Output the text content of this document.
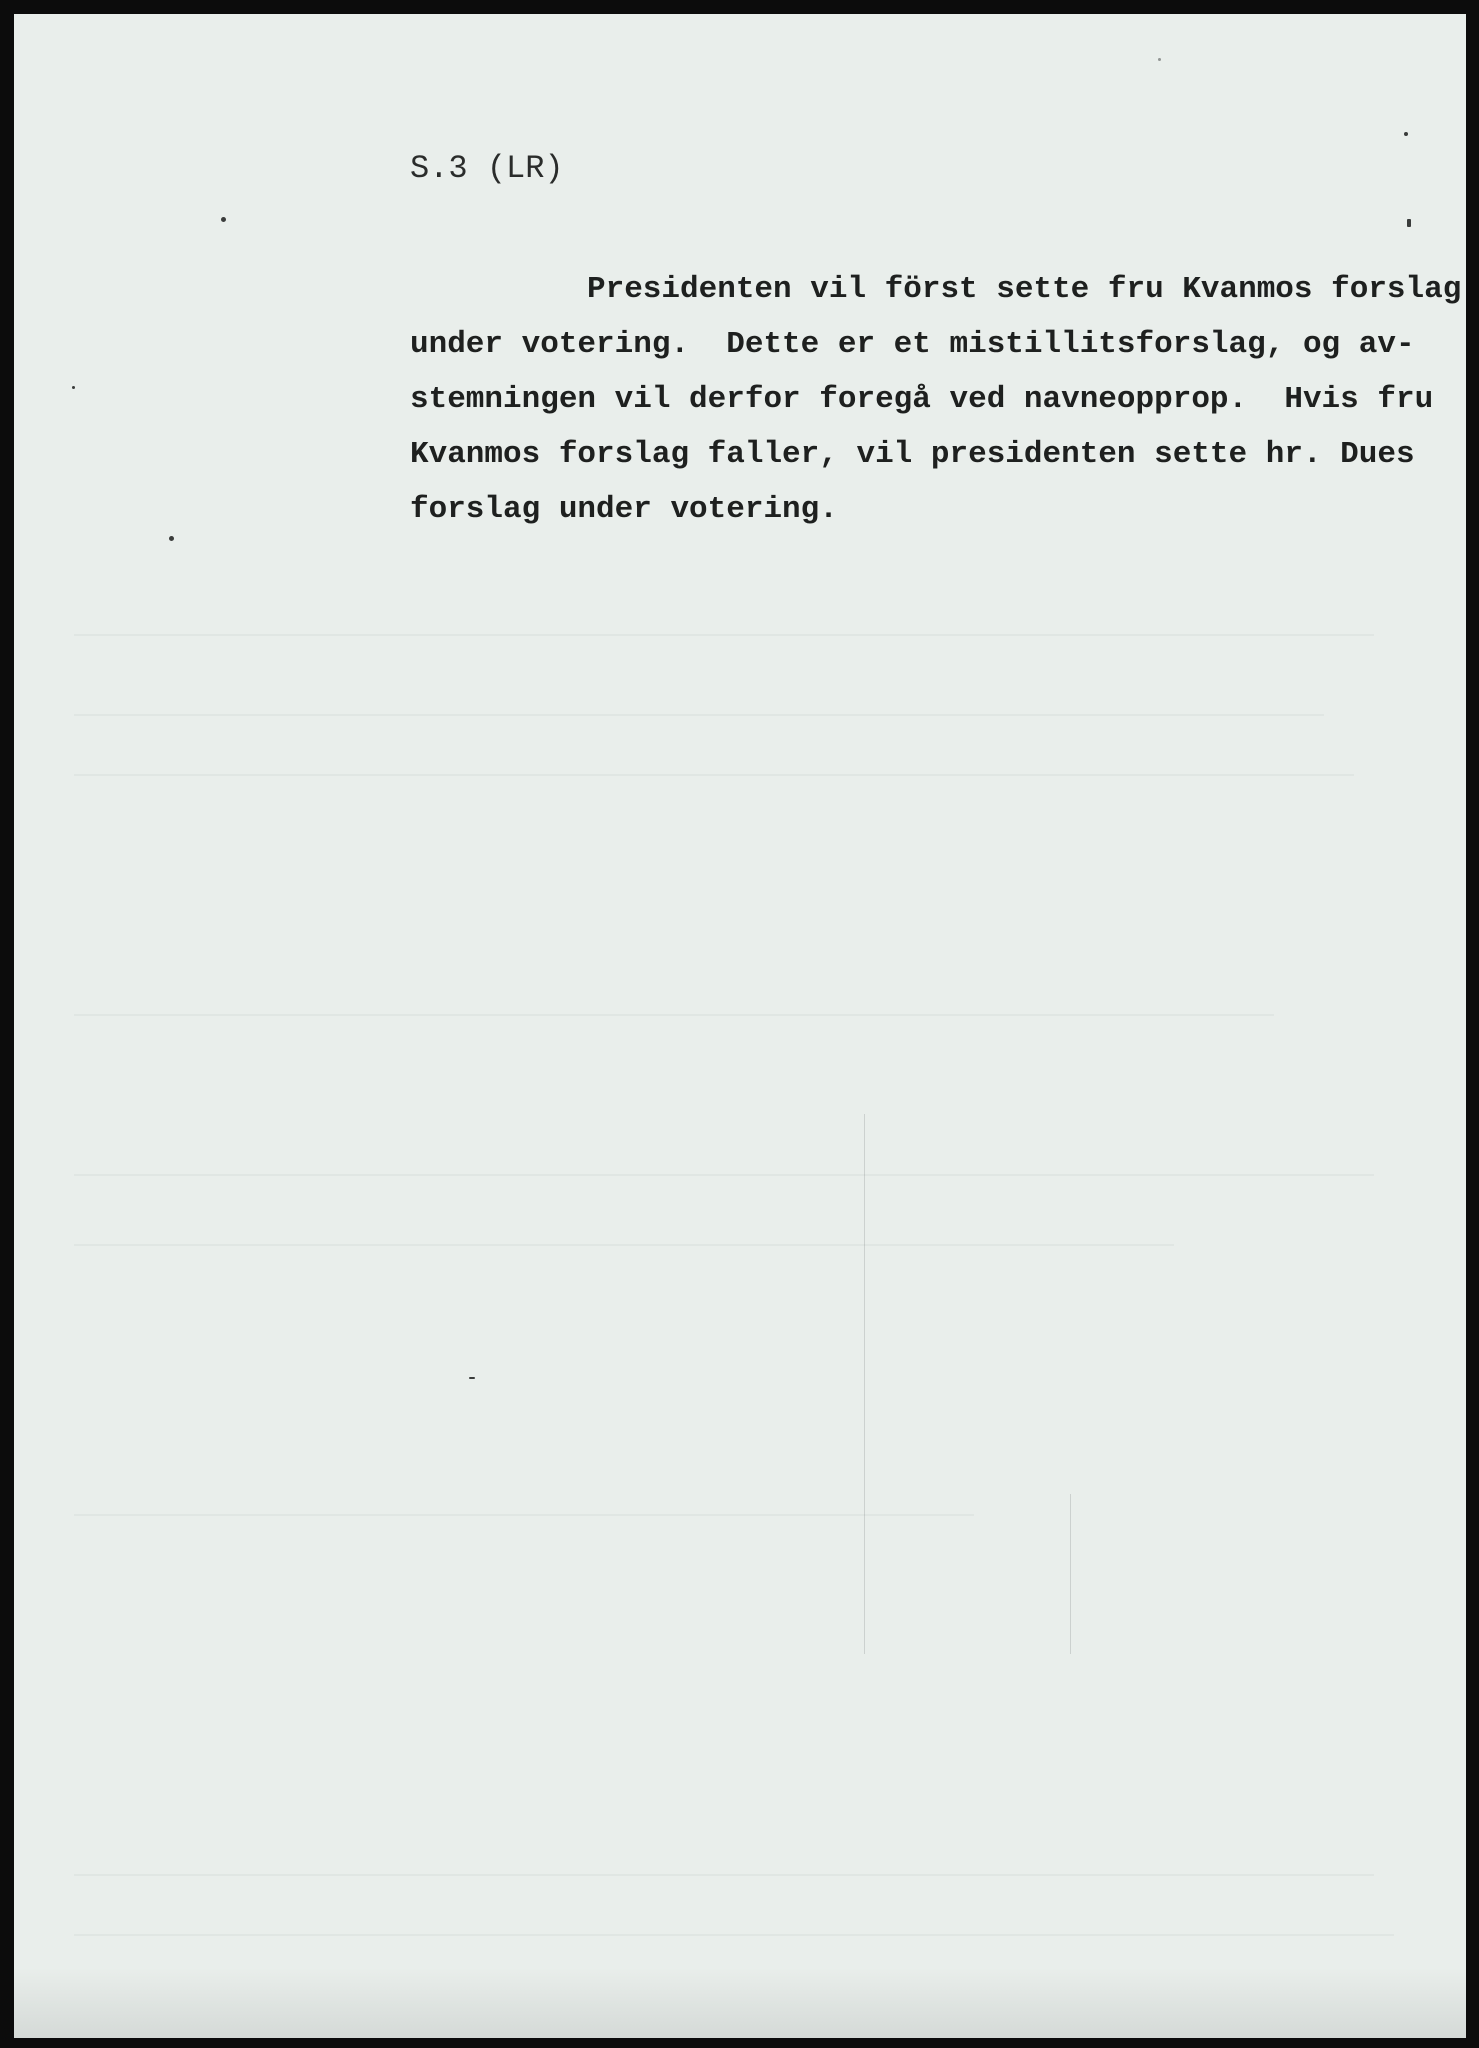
S.3 (LR)
Presidenten vil först sette fru Kvanmos forslag
under votering.  Dette er et mistillitsforslag, og av-
stemningen vil derfor foregå ved navneopprop.  Hvis fru
Kvanmos forslag faller, vil presidenten sette hr. Dues
forslag under votering.
